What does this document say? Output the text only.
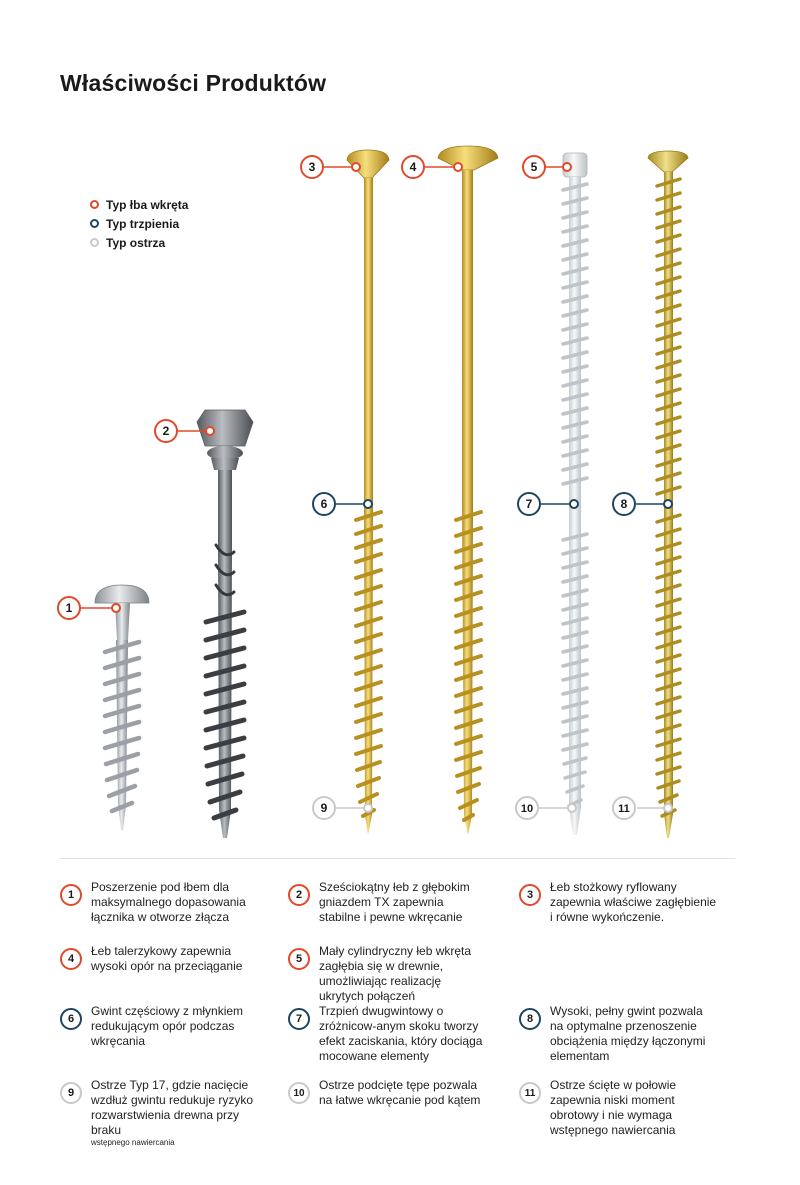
Właściwości Produktów
Typ łba wkręta
Typ trzpienia
Typ ostrza
1
2
3	4	5
6	7	8
9	10	11
1
Poszerzenie pod łbem dla maksymalnego dopasowania łącznika w otworze złącza
2
Sześciokątny łeb z głębokim gniazdem TX zapewnia stabilne i pewne wkręcanie
3
Łeb stożkowy ryflowany zapewnia właściwe zagłębienie i równe wykończenie.
4
Łeb talerzykowy zapewnia wysoki opór na przeciąganie	5
Mały cylindryczny łeb wkręta zagłębia się w drewnie, umożliwiając realizację ukrytych połączeń
6
Gwint częściowy z młynkiem redukującym opór podczas wkręcania
7
Trzpień dwugwintowy o zróżnicow-anym skoku tworzy efekt zaciskania, który dociąga mocowane elementy
8
Wysoki, pełny gwint pozwala na optymalne przenoszenie obciążenia między łączonymi elementam
9
Ostrze Typ 17, gdzie nacięcie wzdłuż gwintu redukuje ryzyko rozwarstwienia drewna przy braku
wstępnego nawiercania
10
Ostrze podcięte tępe pozwala na łatwe wkręcanie pod kątem	11
Ostrze ścięte w połowie zapewnia niski moment obrotowy i nie wymaga wstępnego nawiercania
